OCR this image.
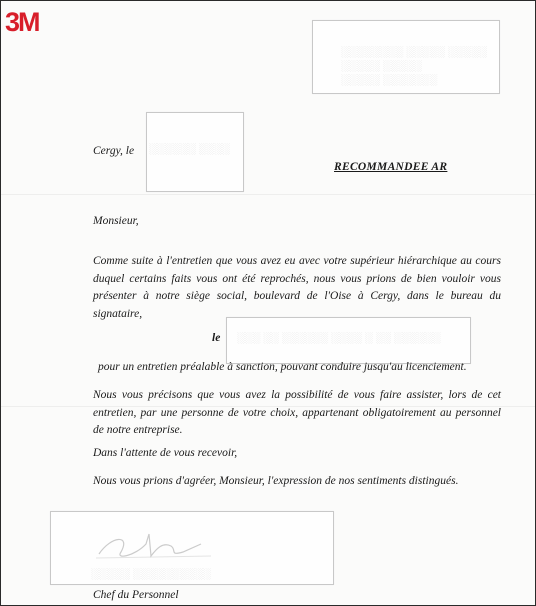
3M
░░░░░░░░ ░░░░░ ░░░░░
░░░░░ ░░░░░
░░░░░ ░░░░░░░
Cergy, le ░░░░░░ ░░░░
RECOMMANDEE AR
Monsieur,
Comme suite à l'entretien que vous avez eu avec votre supérieur hiérarchique au cours duquel certains faits vous ont été reprochés, nous vous prions de bien vouloir vous présenter à notre siège social, boulevard de l'Oise à Cergy, dans le bureau du signataire,
le ░░░ ░░ ░░░░░░ ░░░░ ░ ░░ ░░░░░░
pour un entretien préalable à sanction, pouvant conduire jusqu'au licenciement.
Nous vous précisons que vous avez la possibilité de vous faire assister, lors de cet entretien, par une personne de votre choix, appartenant obligatoirement au personnel de notre entreprise.
Dans l'attente de vous recevoir,
Nous vous prions d'agréer, Monsieur, l'expression de nos sentiments distingués.
░░░░░ ░░░░░░░░░░
Chef du Personnel
